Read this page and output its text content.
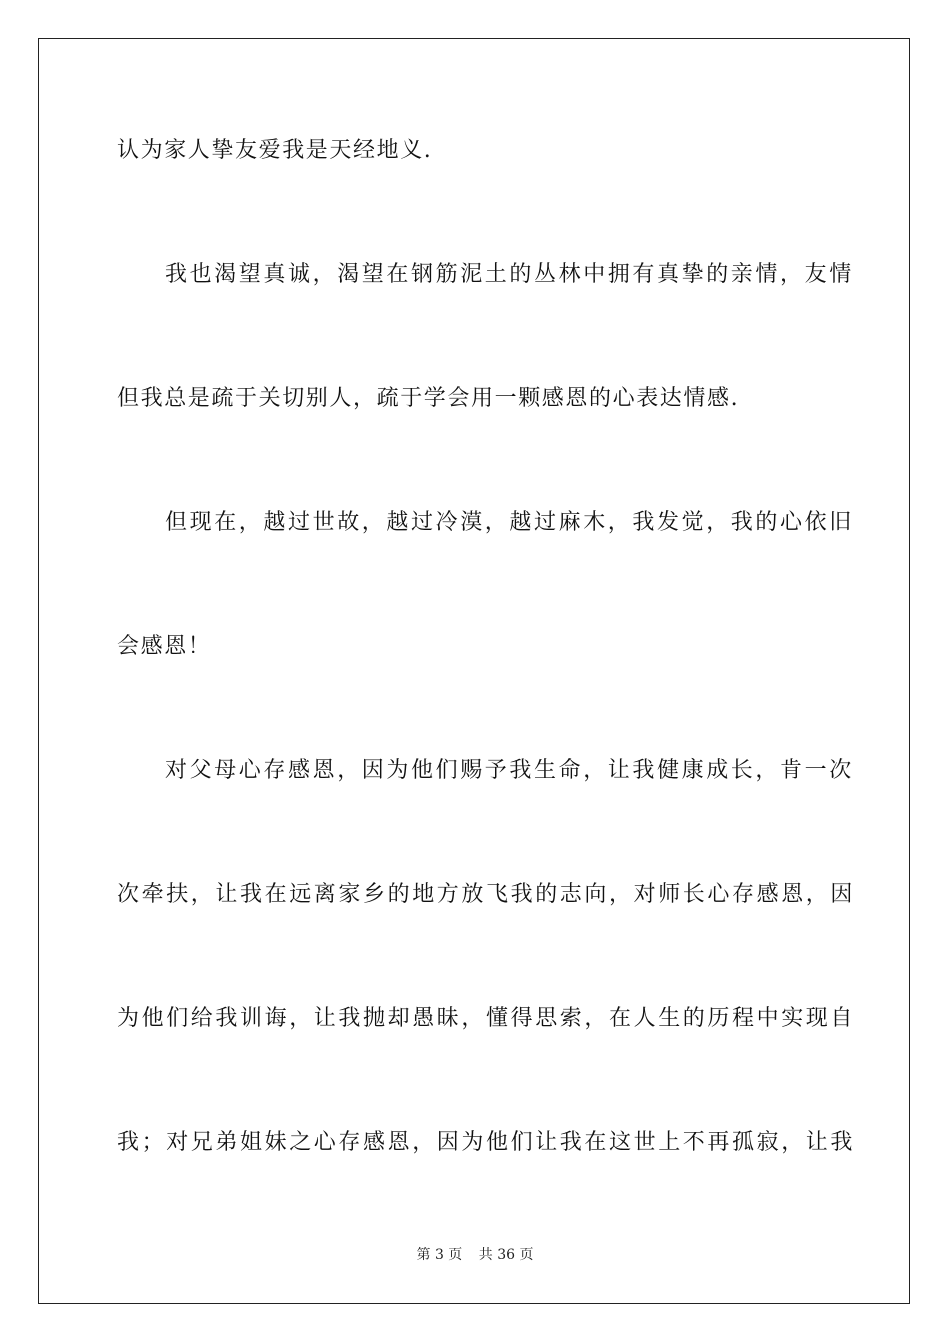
认为家人挚友爱我是天经地义.
我也渴望真诚，渴望在钢筋泥土的丛林中拥有真挚的亲情，友情
但我总是疏于关切别人，疏于学会用一颗感恩的心表达情感.
但现在，越过世故，越过冷漠，越过麻木，我发觉，我的心依旧
会感恩！
对父母心存感恩，因为他们赐予我生命，让我健康成长，肯一次
次牵扶，让我在远离家乡的地方放飞我的志向，对师长心存感恩，因
为他们给我训诲，让我抛却愚昧，懂得思索，在人生的历程中实现自
我；对兄弟姐妹之心存感恩，因为他们让我在这世上不再孤寂，让我
第 3 页 共 36 页
